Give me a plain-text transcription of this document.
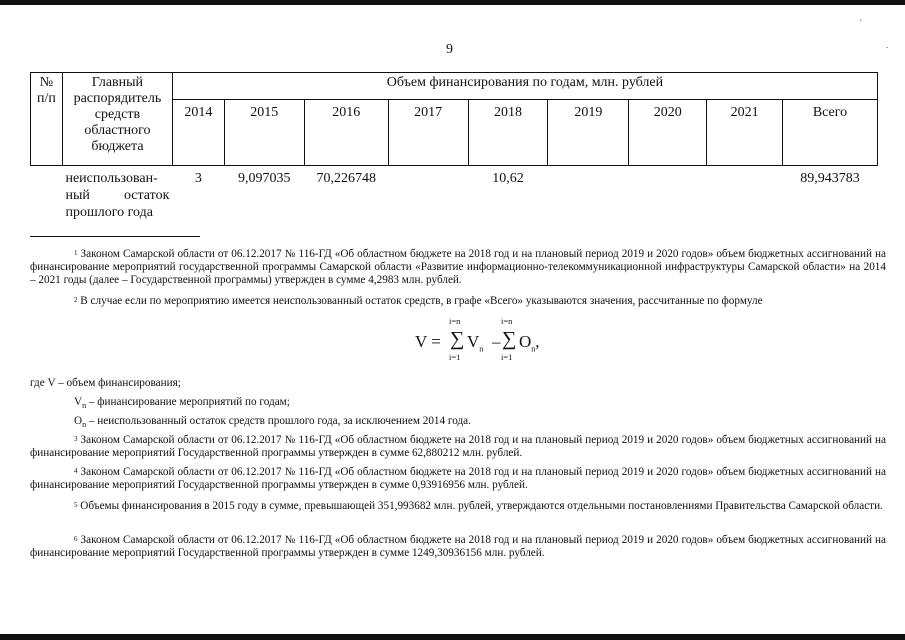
'
.
9
№ п/п	Главный распорядитель средств областного бюджета	Объем финансирования по годам, млн. рублей								
		2014	2015	2016	2017	2018	2019	2020	2021	Всего
	неиспользован-ный остаток прошлого года	3	9,097035	70,226748		10,62				89,943783
$^1$ Законом Самарской области от 06.12.2017 № 116-ГД «Об областном бюджете на 2018 год и на плановый период 2019 и 2020 годов» объем бюджетных ассигнований на финансирование мероприятий государственной программы Самарской области «Развитие информационно-телекоммуникационной инфраструктуры Самарской области» на 2014 – 2021 годы (далее – Государственной программы) утвержден в сумме 4,2983 млн. рублей.
$^2$ В случае если по мероприятию имеется неиспользованный остаток средств, в графе «Всего» указываются значения, рассчитанные по формуле
V =
i=n
∑
i=1
$V_n$ –
i=n
∑
i=1
$O_n$,
где V – объем финансирования;
$V_n$ – финансирование мероприятий по годам;
$O_n$ – неиспользованный остаток средств прошлого года, за исключением 2014 года.
$^3$ Законом Самарской области от 06.12.2017 № 116-ГД «Об областном бюджете на 2018 год и на плановый период 2019 и 2020 годов» объем бюджетных ассигнований на финансирование мероприятий Государственной программы утвержден в сумме 62,880212 млн. рублей.
$^4$ Законом Самарской области от 06.12.2017 № 116-ГД «Об областном бюджете на 2018 год и на плановый период 2019 и 2020 годов» объем бюджетных ассигнований на финансирование мероприятий Государственной программы утвержден в сумме 0,93916956 млн. рублей.
$^5$ Объемы финансирования в 2015 году в сумме, превышающей 351,993682 млн. рублей, утверждаются отдельными постановлениями Правительства Самарской области.
$^6$ Законом Самарской области от 06.12.2017 № 116-ГД «Об областном бюджете на 2018 год и на плановый период 2019 и 2020 годов» объем бюджетных ассигнований на финансирование мероприятий Государственной программы утвержден в сумме 1249,30936156 млн. рублей.
